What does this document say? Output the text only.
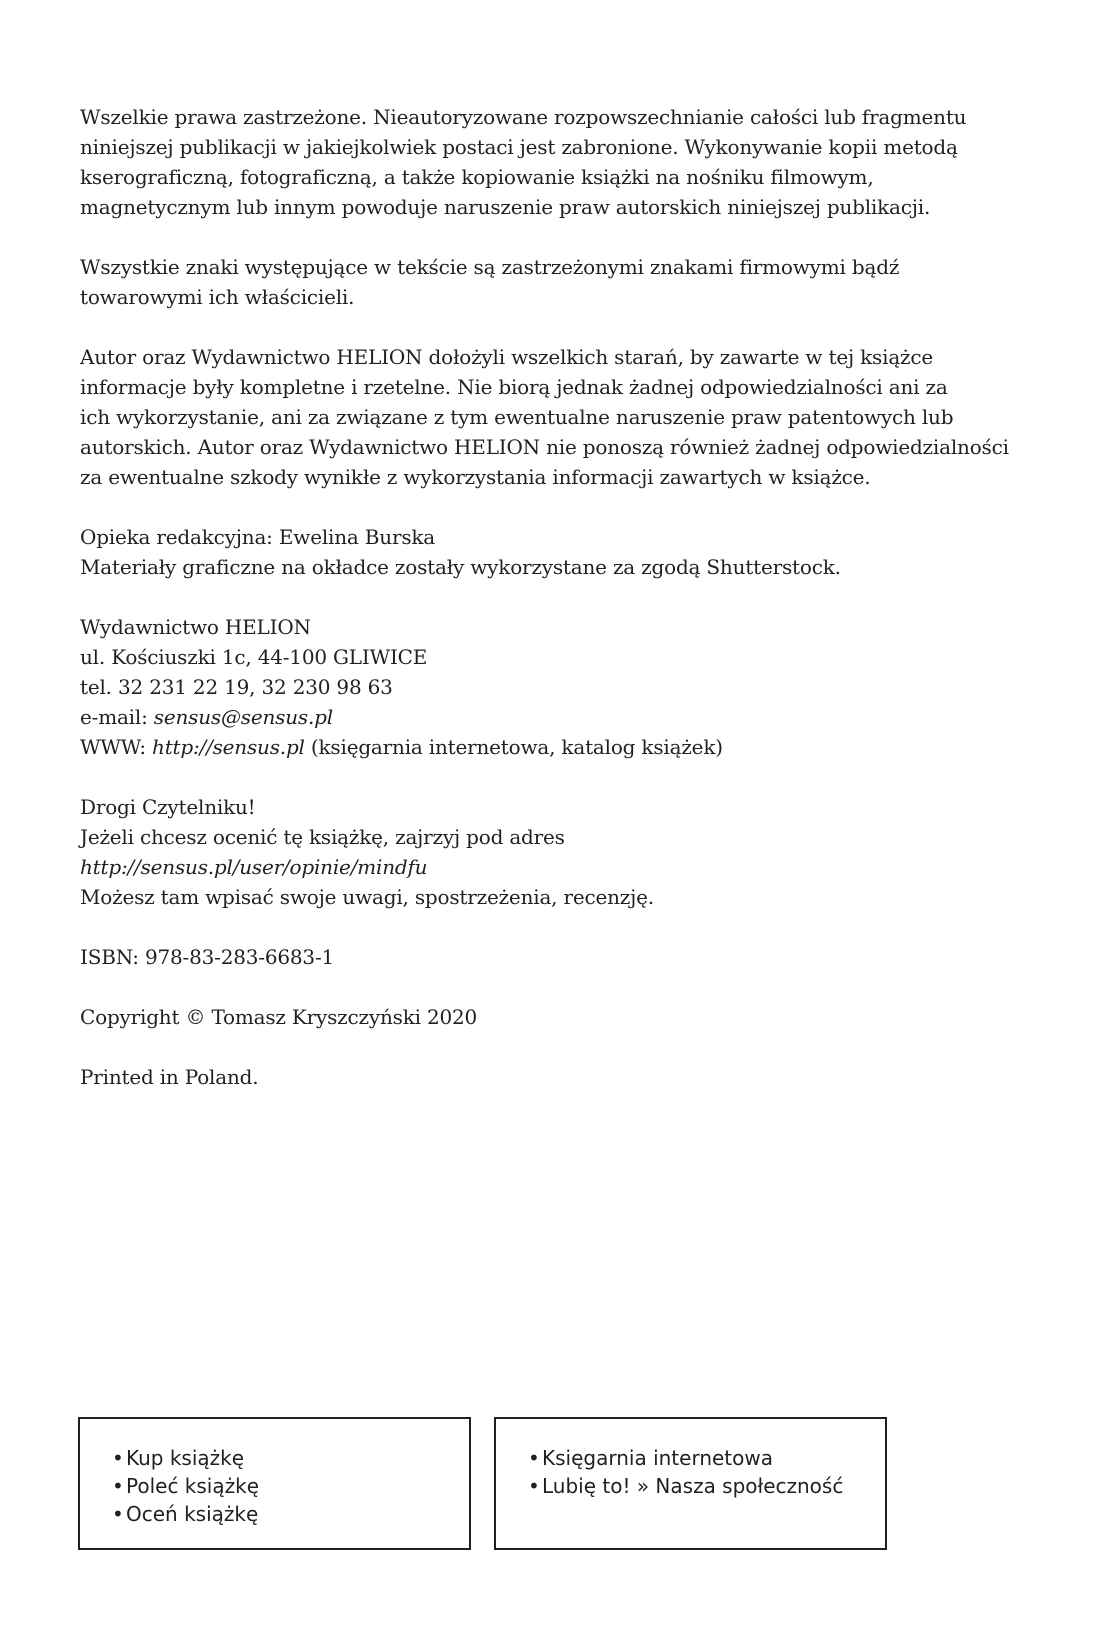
Wszelkie prawa zastrzeżone. Nieautoryzowane rozpowszechnianie całości lub fragmentu
niniejszej publikacji w jakiejkolwiek postaci jest zabronione. Wykonywanie kopii metodą
kserograficzną, fotograficzną, a także kopiowanie książki na nośniku filmowym,
magnetycznym lub innym powoduje naruszenie praw autorskich niniejszej publikacji.

Wszystkie znaki występujące w tekście są zastrzeżonymi znakami firmowymi bądź
towarowymi ich właścicieli.

Autor oraz Wydawnictwo HELION dołożyli wszelkich starań, by zawarte w tej książce
informacje były kompletne i rzetelne. Nie biorą jednak żadnej odpowiedzialności ani za
ich wykorzystanie, ani za związane z tym ewentualne naruszenie praw patentowych lub
autorskich. Autor oraz Wydawnictwo HELION nie ponoszą również żadnej odpowiedzialności
za ewentualne szkody wynikłe z wykorzystania informacji zawartych w książce.

Opieka redakcyjna: Ewelina Burska
Materiały graficzne na okładce zostały wykorzystane za zgodą Shutterstock.

Wydawnictwo HELION
ul. Kościuszki 1c, 44-100 GLIWICE
tel. 32 231 22 19, 32 230 98 63
e-mail: sensus@sensus.pl
WWW: http://sensus.pl (księgarnia internetowa, katalog książek)

Drogi Czytelniku!
Jeżeli chcesz ocenić tę książkę, zajrzyj pod adres
http://sensus.pl/user/opinie/mindfu
Możesz tam wpisać swoje uwagi, spostrzeżenia, recenzję.

ISBN: 978-83-283-6683-1

Copyright © Tomasz Kryszczyński 2020

Printed in Poland.

• Kup książkę
• Poleć książkę
• Oceń książkę
• Księgarnia internetowa
• Lubię to! » Nasza społeczność
